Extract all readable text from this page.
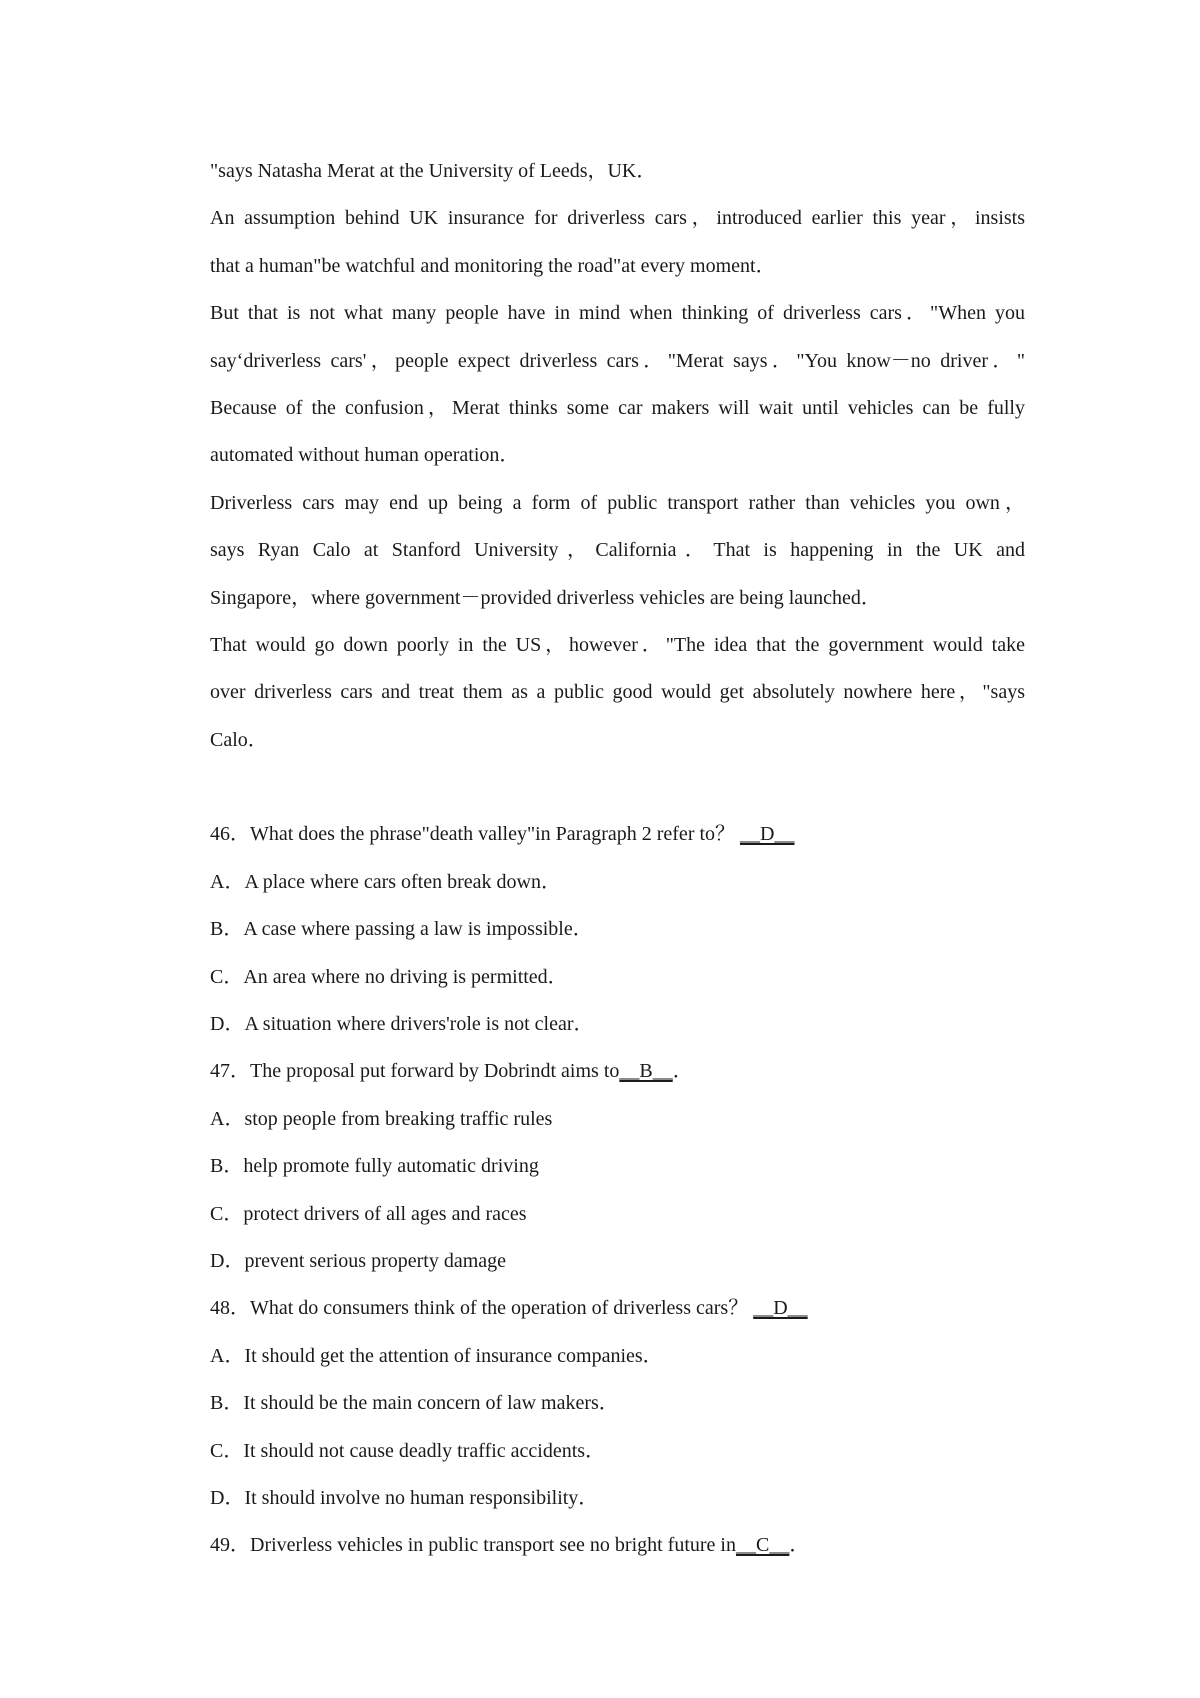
"says Natasha Merat at the University of Leeds，UK．
An assumption behind UK insurance for driverless cars，introduced earlier this year，insists
that a human"be watchful and monitoring the road"at every moment．
But that is not what many people have in mind when thinking of driverless cars．"When you
say‘driverless cars'，people expect driverless cars．"Merat says．"You know－no driver．"
Because of the confusion，Merat thinks some car makers will wait until vehicles can be fully
automated without human operation．
Driverless cars may end up being a form of public transport rather than vehicles you own，
says Ryan Calo at Stanford University，California．That is happening in the UK and
Singapore，where government－provided driverless vehicles are being launched．
That would go down poorly in the US，however．"The idea that the government would take
over driverless cars and treat them as a public good would get absolutely nowhere here，"says
Calo．
46．What does the phrase"death valley"in Paragraph 2 refer to？ __D__
A．A place where cars often break down．
B．A case where passing a law is impossible．
C．An area where no driving is permitted．
D．A situation where drivers'role is not clear．
47．The proposal put forward by Dobrindt aims to__B__．
A．stop people from breaking traffic rules
B．help promote fully automatic driving
C．protect drivers of all ages and races
D．prevent serious property damage
48．What do consumers think of the operation of driverless cars？ __D__
A．It should get the attention of insurance companies．
B．It should be the main concern of law makers．
C．It should not cause deadly traffic accidents．
D．It should involve no human responsibility．
49．Driverless vehicles in public transport see no bright future in__C__．
